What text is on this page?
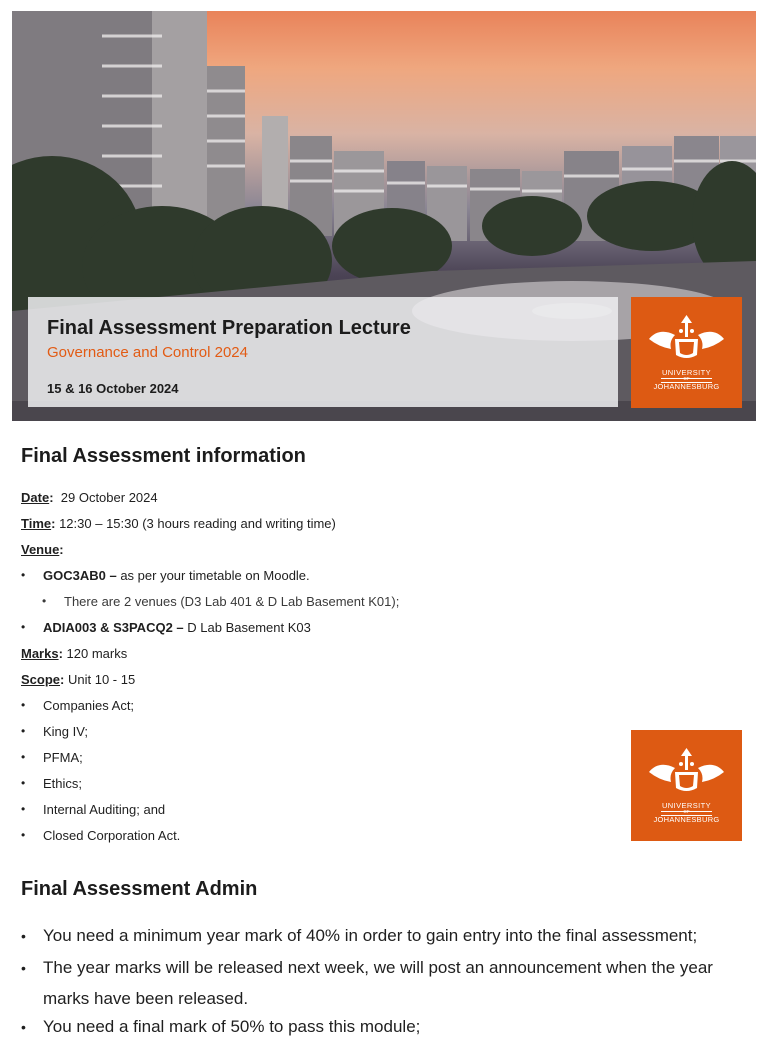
Final Assessment Preparation Lecture
Governance and Control 2024
15 & 16 October 2024
UNIVERSITY
OF
JOHANNESBURG
Final Assessment information
Date: 29 October 2024
Time: 12:30 – 15:30 (3 hours reading and writing time)
Venue:
• GOC3AB0 – as per your timetable on Moodle.
• There are 2 venues (D3 Lab 401 & D Lab Basement K01);
• ADIA003 & S3PACQ2 – D Lab Basement K03
Marks: 120 marks
Scope: Unit 10 - 15
• Companies Act;
• King IV;
• PFMA;
• Ethics;
• Internal Auditing; and
• Closed Corporation Act.
UNIVERSITY
OF
JOHANNESBURG
Final Assessment Admin
• You need a minimum year mark of 40% in order to gain entry into the final assessment;
• The year marks will be released next week, we will post an announcement when the year
marks have been released.
• You need a final mark of 50% to pass this module;
